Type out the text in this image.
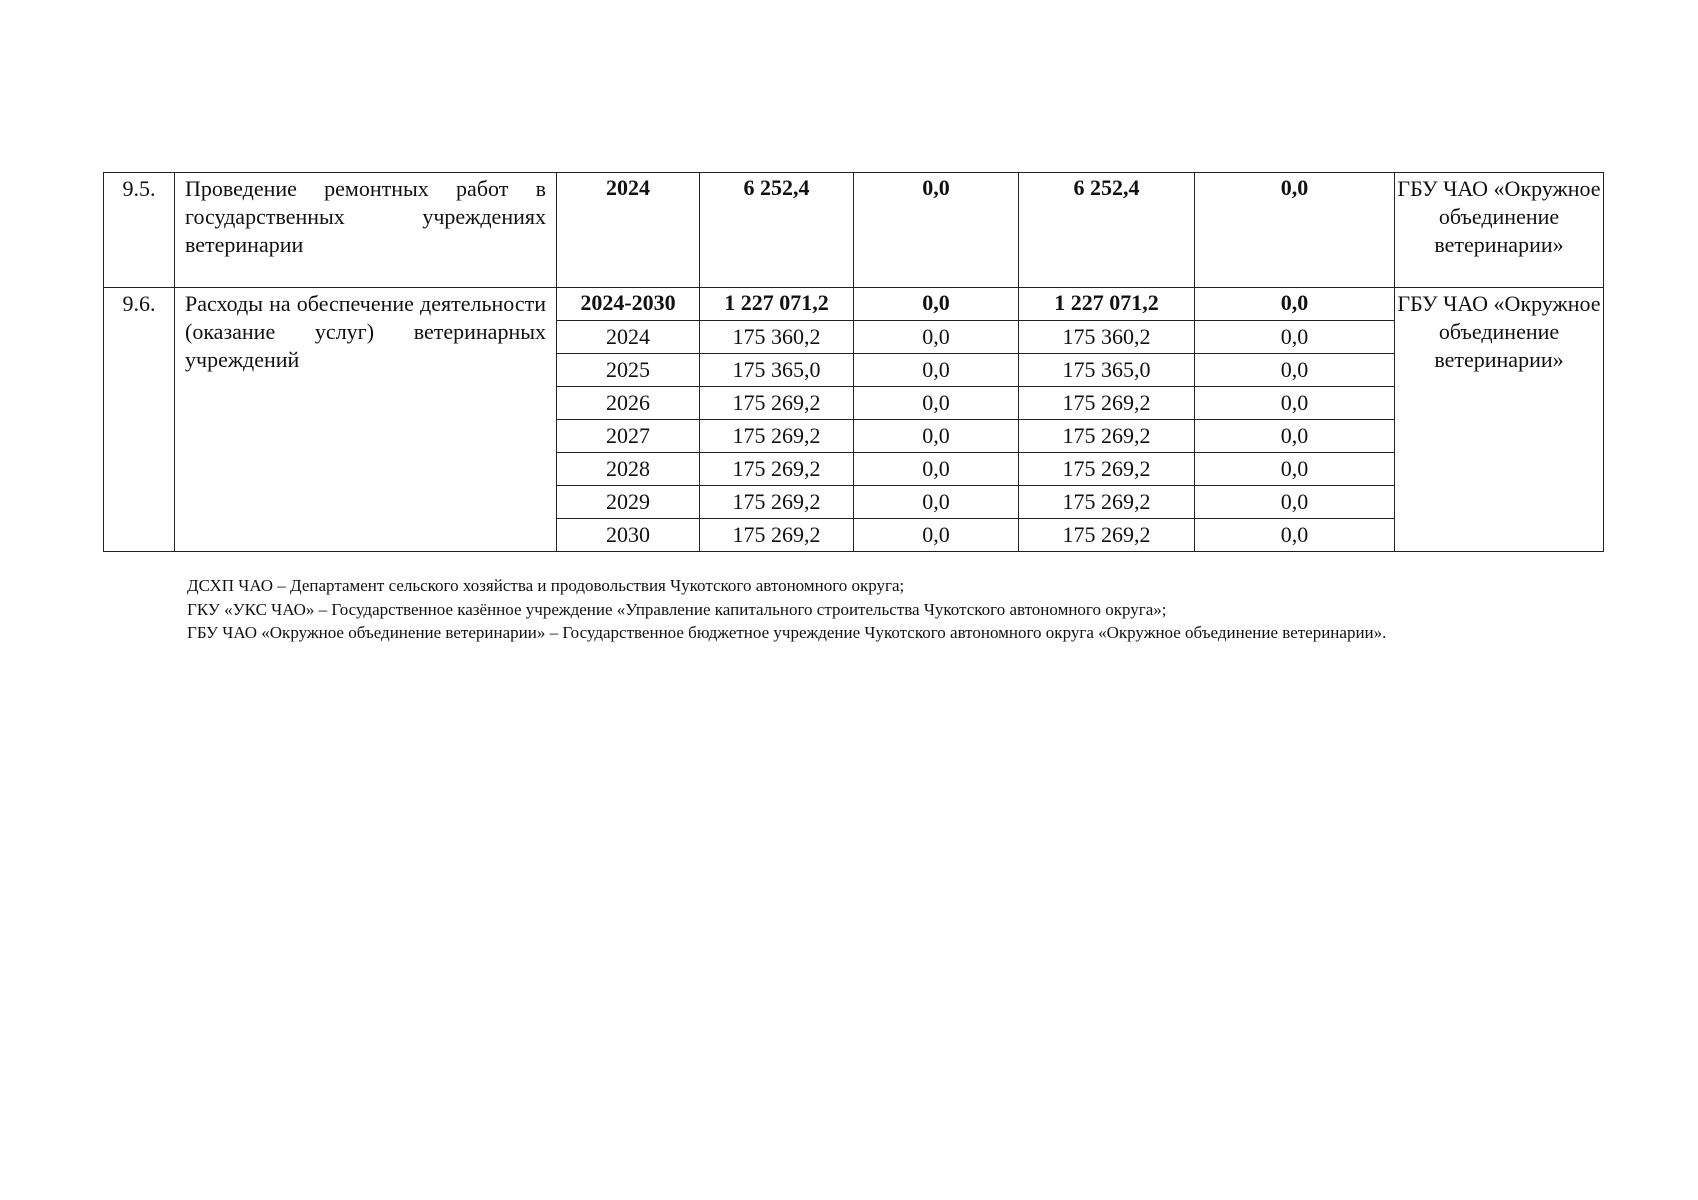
9.5.	Проведение ремонтных работ в государственных учреждениях ветеринарии	2024	6 252,4	0,0	6 252,4	0,0	ГБУ ЧАО «Окружное объединение ветеринарии»
9.6.	Расходы на обеспечение деятельности (оказание услуг) ветеринарных учреждений	2024-2030	1 227 071,2	0,0	1 227 071,2	0,0	ГБУ ЧАО «Окружное объединение ветеринарии»
		2024	175 360,2	0,0	175 360,2	0,0	
		2025	175 365,0	0,0	175 365,0	0,0	
		2026	175 269,2	0,0	175 269,2	0,0	
		2027	175 269,2	0,0	175 269,2	0,0	
		2028	175 269,2	0,0	175 269,2	0,0	
		2029	175 269,2	0,0	175 269,2	0,0	
		2030	175 269,2	0,0	175 269,2	0,0	

ДСХП ЧАО – Департамент сельского хозяйства и продовольствия Чукотского автономного округа;

ГКУ «УКС ЧАО» – Государственное казённое учреждение «Управление капитального строительства Чукотского автономного округа»;

ГБУ ЧАО «Окружное объединение ветеринарии» – Государственное бюджетное учреждение Чукотского автономного округа «Окружное объединение ветеринарии».
